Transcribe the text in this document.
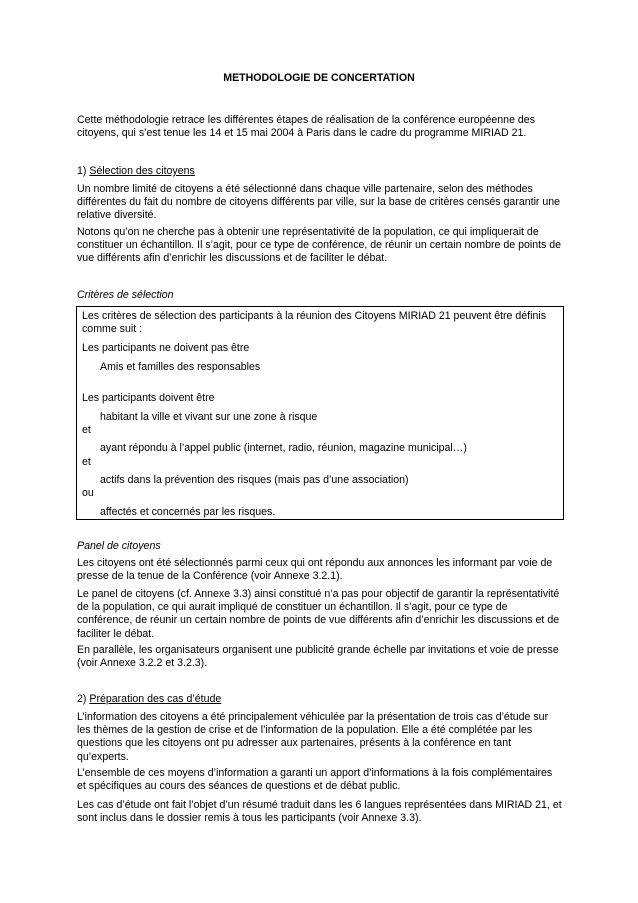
METHODOLOGIE DE CONCERTATION

Cette méthodologie retrace les différentes étapes de réalisation de la conférence européenne des citoyens, qui s’est tenue les 14 et 15 mai 2004 à Paris dans le cadre du programme MIRIAD 21.

1) Sélection des citoyens

Un nombre limité de citoyens a été sélectionné dans chaque ville partenaire, selon des méthodes différentes du fait du nombre de citoyens différents par ville, sur la base de critères censés garantir une relative diversité.

Notons qu’on ne cherche pas à obtenir une représentativité de la population, ce qui impliquerait de constituer un échantillon. Il s’agit, pour ce type de conférence, de réunir un certain nombre de points de vue différents afin d’enrichir les discussions et de faciliter le débat.

Critères de sélection

Les critères de sélection des participants à la réunion des Citoyens MIRIAD 21 peuvent être définis comme suit :

Les participants ne doivent pas être

Amis et familles des responsables

Les participants doivent être

habitant la ville et vivant sur une zone à risque

et

ayant répondu à l’appel public (internet, radio, réunion, magazine municipal…)

et

actifs dans la prévention des risques (mais pas d’une association)

ou

affectés et concernés par les risques.

Panel de citoyens

Les citoyens ont été sélectionnés parmi ceux qui ont répondu aux annonces les informant par voie de presse de la tenue de la Conférence (voir Annexe 3.2.1).

Le panel de citoyens (cf. Annexe 3.3) ainsi constitué n’a pas pour objectif de garantir la représentativité de la population, ce qui aurait impliqué de constituer un échantillon. Il s’agit, pour ce type de conférence, de réunir un certain nombre de points de vue différents afin d’enrichir les discussions et de faciliter le débat.

En parallèle, les organisateurs organisent une publicité grande échelle par invitations et voie de presse (voir Annexe 3.2.2 et 3.2.3).

2) Préparation des cas d’étude

L’information des citoyens a été principalement véhiculée par la présentation de trois cas d’étude sur les thèmes de la gestion de crise et de l’information de la population. Elle a été complétée par les questions que les citoyens ont pu adresser aux partenaires, présents à la conférence en tant qu’experts.

L’ensemble de ces moyens d’information a garanti un apport d’informations à la fois complémentaires et spécifiques au cours des séances de questions et de débat public.

Les cas d’étude ont fait l’objet d’un résumé traduit dans les 6 langues représentées dans MIRIAD 21, et sont inclus dans le dossier remis à tous les participants (voir Annexe 3.3).
